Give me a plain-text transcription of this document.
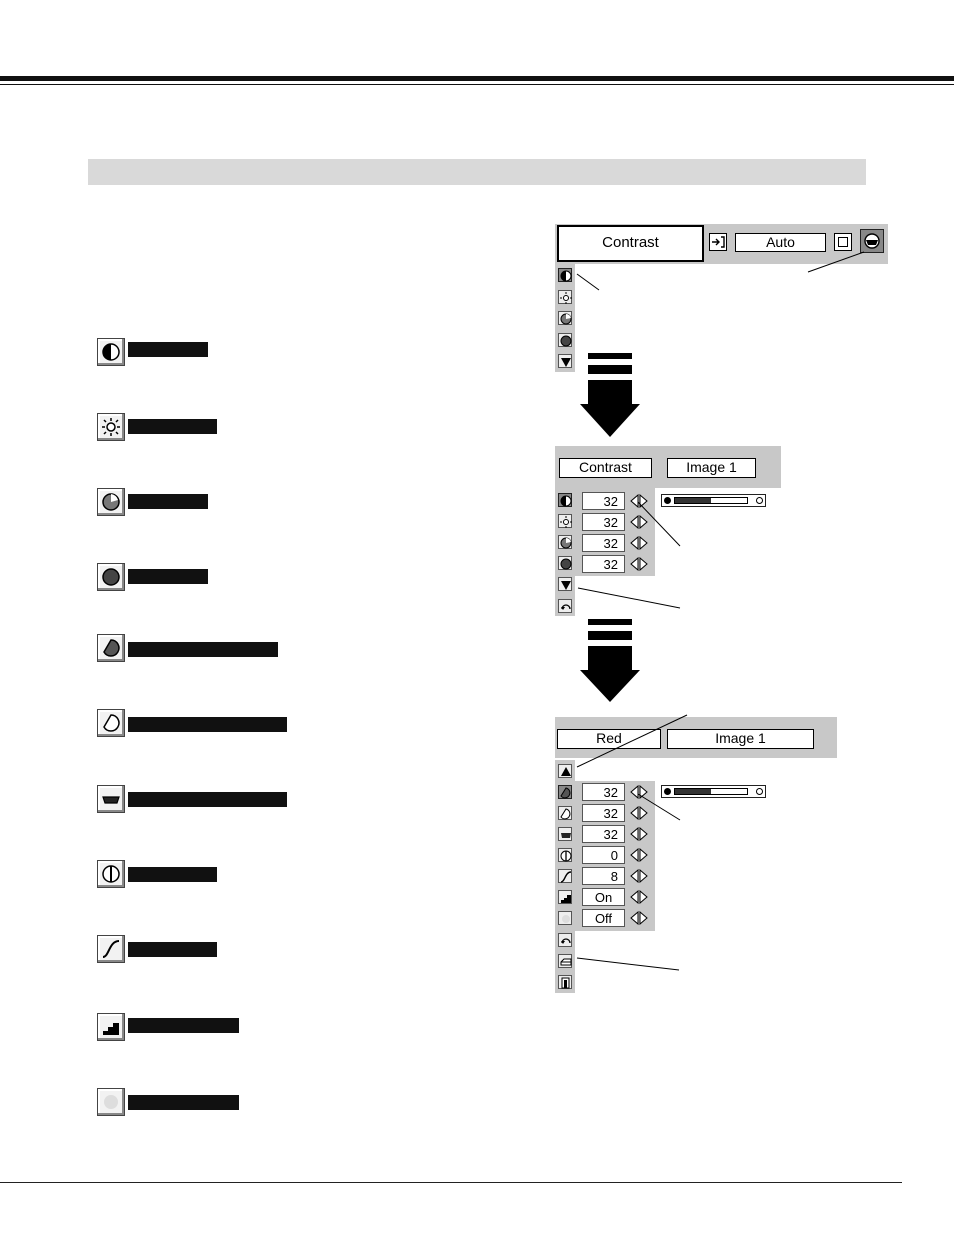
Contrast	Auto
Contrast	Image 1
32
32
32
32
Red	Image 1
32
32
32
0
8
On
Off
